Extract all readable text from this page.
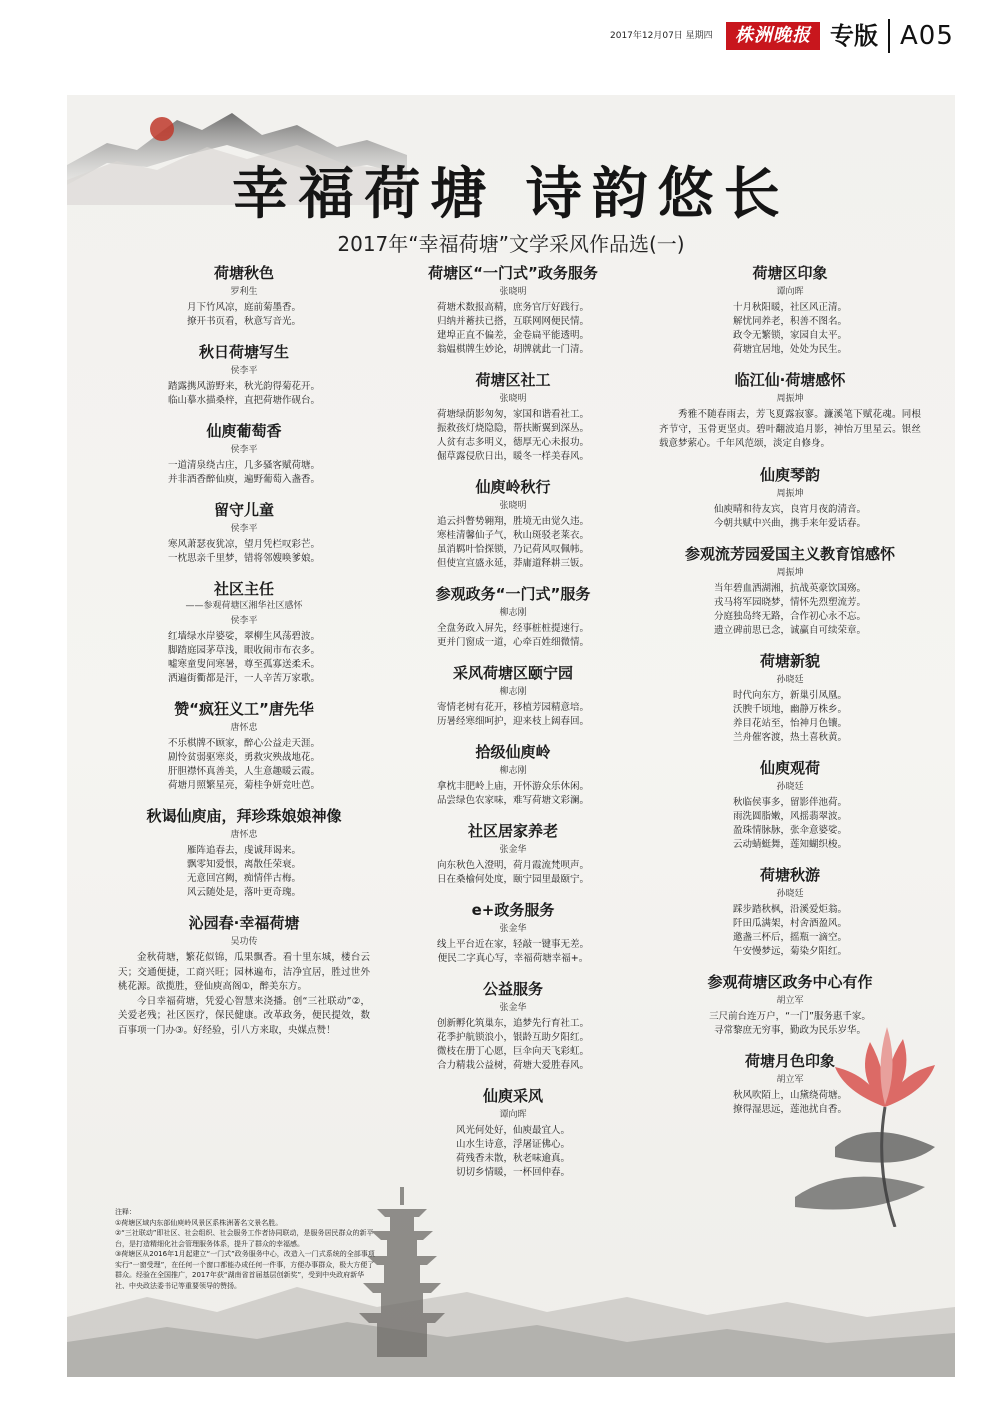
2017年12月07日 星期四	株洲晚报 专版 A05
幸福荷塘 诗韵悠长
2017年“幸福荷塘”文学采风作品选(一)
荷塘秋色
罗利生
月下竹风凉，庭前菊墨香。
撩开书页看，秋意写音光。
秋日荷塘写生
侯李平
踏露携风游野来，秋光韵得菊花开。
临山摹水描桑梓，直把荷塘作砚台。
仙庾葡萄香
侯李平
一道清泉绕古庄，几多骚客赋荷塘。
并非酒香醉仙庾，遍野葡萄入盏香。
留守儿童
侯李平
寒风萧瑟夜犹凉，望月凭栏叹彩芒。
一枕思亲千里梦，错将邻嫂唤爹娘。
社区主任
——参观荷塘区湘华社区感怀
侯李平
红墙绿水岸婆娑，翠柳生风荡碧波。
脚踏庭园茅草浅，眼收闹市布衣多。
嘘寒童叟问寒暑，尊至孤寡送柔禾。
洒遍街衢都是汗，一人辛苦万家歌。
赞“疯狂义工”唐先华
唐怀忠
不乐棋牌不顾家，醉心公益走天涯。
剧怜贫弱驱寒炎，勇救灾殃战地花。
肝胆襟怀真善美，人生意趣暖云霞。
荷塘月照繁星亮，菊桂争妍竞吐芭。
秋谒仙庾庙，拜珍珠娘娘神像
唐怀忠
雁阵追春去，虔诚拜谒来。
飘零知爱恨，离散任荣衰。
无意回宫阙，痴情伴古梅。
风云随处是，落叶更奇瑰。
沁园春·幸福荷塘
吴功传

金秋荷塘，繁花似锦，瓜果飘香。看十里东城，楼台云天；交通便捷，工商兴旺；园林遍布，洁净宜居，胜过世外桃花源。欲揽胜，登仙庾高阁①，醉美东方。

今日幸福荷塘，凭爱心智慧来浇播。创“三社联动”②，关爱老残；社区医疗，保民健康。改革政务，便民提效，数百事项一门办③。好经验，引八方来取，央媒点赞！

荷塘区“一门式”政务服务
张晓明
荷塘术数报高精，庶务官厅好践行。
归纳并蓄扶已搭，互联网网便民情。
建埠正直不偏差，金卷扁平能透明。
翁媪棋牌生妙论，胡牌就此一门清。
荷塘区社工
张晓明
荷塘绿荫影匆匆，家国和谐看社工。
振救孩灯烧隐隐，帮扶断翼到深丛。
人贫有志多明义，德厚无心未报功。
倔草露侵欣日出，暖冬一样美春风。
仙庾岭秋行
张晓明
追云抖瞥势翱翔，胜境无由觉久违。
寒桂清馨仙子气，秋山斑驳老莱衣。
虽消羁叶恰探锁，乃记荷风叹佩帏。
但使宣宣盛永延，莽庸道释耕三钣。
参观政务“一门式”服务
柳志刚
全盘务政入屏先，经事桩桩提速行。
更并门窗成一道，心牵百姓细微情。
采风荷塘区颐宁园
柳志刚
寄情老树有花开，移植芳园精意培。
历暑经寒细呵护，迎来枝上阔春回。
拾级仙庾岭
柳志刚
拿枕丰肥岭上庙，开怀游众乐休闲。
品尝绿色农家味，难写荷塘文彩澜。
社区居家养老
张金华
向东秋色入澄明，荷月霞流梵呗声。
日在桑榆何处度，颐宁园里最颐宁。
e+政务服务
张金华
线上平台近在家，轻敲一键事无差。
便民二字真心写，幸福荷塘幸福+。
公益服务
张金华
创新孵化筑巢东，追梦先行育社工。
花季护航锁浪小，银龄互助夕阳红。
微枝在册丁心愿，巨伞向天飞彩虹。
合力精栽公益树，荷塘大爱胜春风。
仙庾采风
谭向晖
风光何处好，仙庾最宜人。
山水生诗意，浮屠证佛心。
荷残香未散，秋老味逾真。
切切乡情暖，一杯回仲春。
荷塘区印象
谭向晖
十月秋阳暖，社区风正清。
解忧同养老，积善不图名。
政令无繁锁，家园自太平。
荷塘宜居地，处处为民生。
临江仙·荷塘感怀
周振坤

秀雅不随春雨去，芳飞夏露寂寥。濂溪笔下赋花魂。同根齐节守，玉骨更坚贞。碧叶翻波追月影，神怡万里星云。银丝载意梦萦心。千年风范颂，淡定自修身。

仙庾琴韵
周振坤
仙庾晴和待友宾，良宵月夜韵清音。
今朝共赋中兴曲，携手来年爱话春。
参观流芳园爱国主义教育馆感怀
周振坤
当年碧血洒湖湘，抗战英豪饮国殇。
戎马将军园晓梦，情怀先烈塑流芳。
分庭独岛终无路，合作初心永不忘。
遗立碑前思已念，诚赢自可续荣章。
荷塘新貌
孙晓廷
时代向东方，新巢引凤凰。
沃腴千顷地，幽静万株乡。
养目花站至，怡神月色镶。
兰舟催客渡，热土喜秋黄。
仙庾观荷
孙晓廷
秋临侯事多，留影伴池荷。
雨洗圆脂嫩，风摇翡翠波。
盈珠情脉脉，张伞意婆娑。
云动蜻蜓舞，莲知蝴织梭。
荷塘秋游
孙晓廷
踩步踏秋枫，沿溪爱炬翁。
阡田瓜满架，村舍酒盈风。
邀盏三杯后，摇瓶一滴空。
午安慢梦远，菊染夕阳红。
参观荷塘区政务中心有作
胡立军
三尺前台连万户，“一门”服务惠千家。
寻常黎庶无穷事，勤政为民乐岁华。
荷塘月色印象
胡立军
秋风吹陌上，山黛绕荷塘。
撩得湿思远，莲池扰自香。

注释：

①荷塘区域内东部仙庾岭风景区系株洲著名文景名胜。

②“三社联动”即社区、社会组织、社会服务工作者协同联动，是服务居民群众的新平台，是打造精细化社会管理服务体系，提升了群众的幸福感。

③荷塘区从2016年1月起建立“一门式”政务服务中心，改造入一门式系统的全部事项实行“一窗受理”，在任何一个窗口都能办成任何一件事，方便办事群众，极大方便了群众。经验在全国推广，2017年获“湖南省首届基层创新奖”，受到中央政府新华社、中央政法委书记等重要领导的赞扬。
